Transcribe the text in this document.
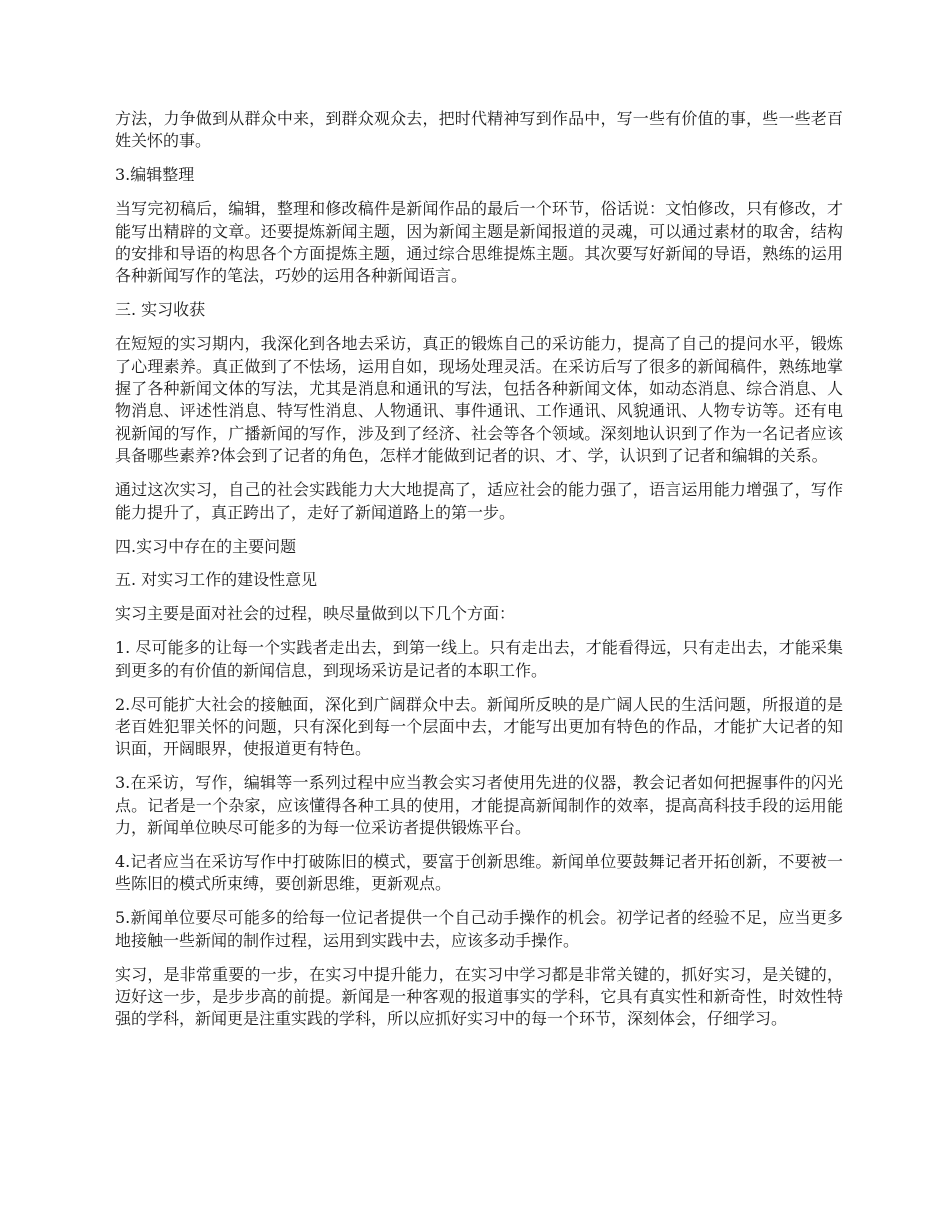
方法，力争做到从群众中来，到群众观众去，把时代精神写到作品中，写一些有价值的事，些一些老百姓关怀的事。

3.编辑整理

当写完初稿后，编辑，整理和修改稿件是新闻作品的最后一个环节，俗话说：文怕修改，只有修改，才能写出精辟的文章。还要提炼新闻主题，因为新闻主题是新闻报道的灵魂，可以通过素材的取舍，结构的安排和导语的构思各个方面提炼主题，通过综合思维提炼主题。其次要写好新闻的导语，熟练的运用各种新闻写作的笔法，巧妙的运用各种新闻语言。

三. 实习收获

在短短的实习期内，我深化到各地去采访，真正的锻炼自己的采访能力，提高了自己的提问水平，锻炼了心理素养。真正做到了不怯场，运用自如，现场处理灵活。在采访后写了很多的新闻稿件，熟练地掌握了各种新闻文体的写法，尤其是消息和通讯的写法，包括各种新闻文体，如动态消息、综合消息、人物消息、评述性消息、特写性消息、人物通讯、事件通讯、工作通讯、风貌通讯、人物专访等。还有电视新闻的写作，广播新闻的写作，涉及到了经济、社会等各个领域。深刻地认识到了作为一名记者应该具备哪些素养?体会到了记者的角色，怎样才能做到记者的识、才、学，认识到了记者和编辑的关系。

通过这次实习，自己的社会实践能力大大地提高了，适应社会的能力强了，语言运用能力增强了，写作能力提升了，真正跨出了，走好了新闻道路上的第一步。

四.实习中存在的主要问题

五. 对实习工作的建设性意见

实习主要是面对社会的过程，映尽量做到以下几个方面：

1. 尽可能多的让每一个实践者走出去，到第一线上。只有走出去，才能看得远，只有走出去，才能采集到更多的有价值的新闻信息，到现场采访是记者的本职工作。

2.尽可能扩大社会的接触面，深化到广阔群众中去。新闻所反映的是广阔人民的生活问题，所报道的是老百姓犯罪关怀的问题，只有深化到每一个层面中去，才能写出更加有特色的作品，才能扩大记者的知识面，开阔眼界，使报道更有特色。

3.在采访，写作，编辑等一系列过程中应当教会实习者使用先进的仪器，教会记者如何把握事件的闪光点。记者是一个杂家，应该懂得各种工具的使用，才能提高新闻制作的效率，提高高科技手段的运用能力，新闻单位映尽可能多的为每一位采访者提供锻炼平台。

4.记者应当在采访写作中打破陈旧的模式，要富于创新思维。新闻单位要鼓舞记者开拓创新，不要被一些陈旧的模式所束缚，要创新思维，更新观点。

5.新闻单位要尽可能多的给每一位记者提供一个自己动手操作的机会。初学记者的经验不足，应当更多地接触一些新闻的制作过程，运用到实践中去，应该多动手操作。

实习，是非常重要的一步，在实习中提升能力，在实习中学习都是非常关键的，抓好实习，是关键的，迈好这一步，是步步高的前提。新闻是一种客观的报道事实的学科，它具有真实性和新奇性，时效性特强的学科，新闻更是注重实践的学科，所以应抓好实习中的每一个环节，深刻体会，仔细学习。
